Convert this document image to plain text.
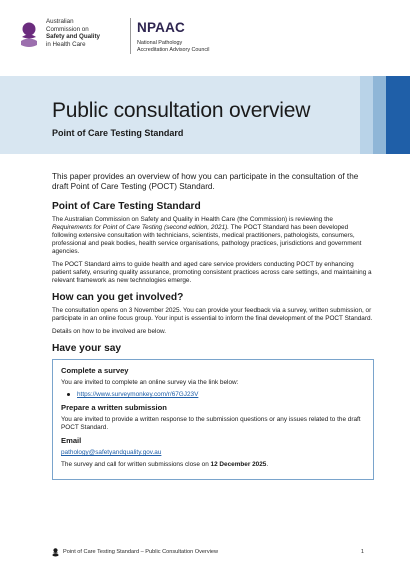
Australian
Commission on
Safety and Quality
in Health Care
NPAAC
National Pathology
Accreditation Advisory Council
Public consultation overview
Point of Care Testing Standard

This paper provides an overview of how you can participate in the consultation of the draft Point of Care Testing (POCT) Standard.

Point of Care Testing Standard

The Australian Commission on Safety and Quality in Health Care (the Commission) is reviewing the Requirements for Point of Care Testing (second edition, 2021). The POCT Standard has been developed following extensive consultation with technicians, scientists, medical practitioners, pathologists, consumers, professional and peak bodies, health service organisations, pathology practices, jurisdictions and government agencies.

The POCT Standard aims to guide health and aged care service providers conducting POCT by enhancing patient safety, ensuring quality assurance, promoting consistent practices across care settings, and maintaining a relevant framework as new technologies emerge.

How can you get involved?

The consultation opens on 3 November 2025. You can provide your feedback via a survey, written submission, or participate in an online focus group. Your input is essential to inform the final development of the POCT Standard.

Details on how to be involved are below.

Have your say
Complete a survey

You are invited to complete an online survey via the link below:

https://www.surveymonkey.com/r/67GJ23V
Prepare a written submission

You are invited to provide a written response to the submission questions or any issues related to the draft POCT Standard.

Email

pathology@safetyandquality.gov.au

The survey and call for written submissions close on 12 December 2025.

Point of Care Testing Standard – Public Consultation Overview	1
